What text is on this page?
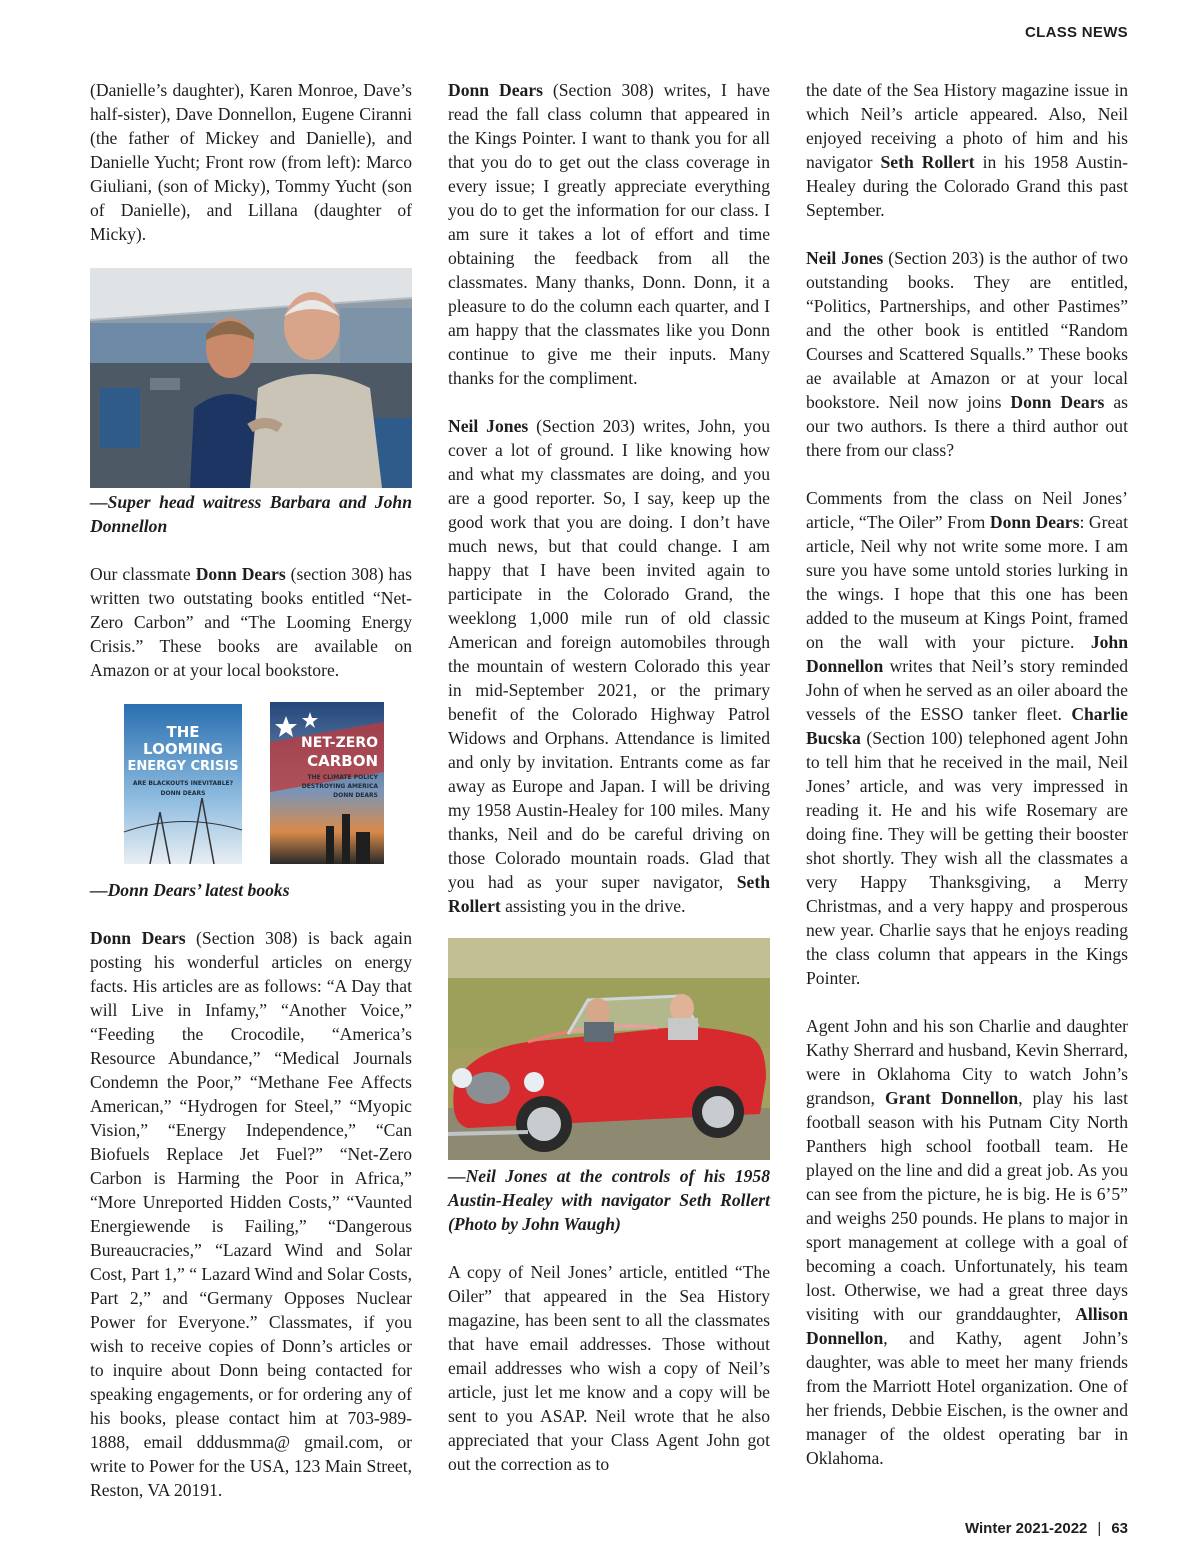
CLASS NEWS

(Danielle’s daughter), Karen Monroe, Dave’s half-sister), Dave Donnellon, Eugene Ciranni (the father of Mickey and Danielle), and Danielle Yucht; Front row (from left): Marco Giuliani, (son of Micky), Tommy Yucht (son of Danielle), and Lillana (daughter of Micky).

—Super head waitress Barbara and John Donnellon

Our classmate Donn Dears (section 308) has written two outstating books entitled “Net-Zero Carbon” and “The Looming Energy Crisis.” These books are available on Amazon or at your local bookstore.

THE
LOOMING
ENERGY CRISIS
ARE BLACKOUTS INEVITABLE?
DONN DEARS
NET-ZERO
CARBON
THE CLIMATE POLICY
DESTROYING AMERICA
DONN DEARS

—Donn Dears’ latest books

Donn Dears (Section 308) is back again posting his wonderful articles on energy facts. His articles are as follows: “A Day that will Live in Infamy,” “Another Voice,” “Feeding the Crocodile, “America’s Resource Abundance,” “Medical Journals Condemn the Poor,” “Methane Fee Affects American,” “Hydrogen for Steel,” “Myopic Vision,” “Energy Independence,” “Can Biofuels Replace Jet Fuel?” “Net-Zero Carbon is Harming the Poor in Africa,” “More Unreported Hidden Costs,” “Vaunted Energiewende is Failing,” “Dangerous Bureaucracies,” “Lazard Wind and Solar Cost, Part 1,” “ Lazard Wind and Solar Costs, Part 2,” and “Germany Opposes Nuclear Power for Everyone.” Classmates, if you wish to receive copies of Donn’s articles or to inquire about Donn being contacted for speaking engagements, or for ordering any of his books, please contact him at 703-989-1888, email dddusmma@ gmail.com, or write to Power for the USA, 123 Main Street, Reston, VA 20191.

Donn Dears (Section 308) writes, I have read the fall class column that appeared in the Kings Pointer. I want to thank you for all that you do to get out the class coverage in every issue; I greatly appreciate everything you do to get the information for our class. I am sure it takes a lot of effort and time obtaining the feedback from all the classmates. Many thanks, Donn. Donn, it a pleasure to do the column each quarter, and I am happy that the classmates like you Donn continue to give me their inputs. Many thanks for the compliment.

Neil Jones (Section 203) writes, John, you cover a lot of ground. I like knowing how and what my classmates are doing, and you are a good reporter. So, I say, keep up the good work that you are doing. I don’t have much news, but that could change. I am happy that I have been invited again to participate in the Colorado Grand, the weeklong 1,000 mile run of old classic American and foreign automobiles through the mountain of western Colorado this year in mid-September 2021, or the primary benefit of the Colorado Highway Patrol Widows and Orphans. Attendance is limited and only by invitation. Entrants come as far away as Europe and Japan. I will be driving my 1958 Austin-Healey for 100 miles. Many thanks, Neil and do be careful driving on those Colorado mountain roads. Glad that you had as your super navigator, Seth Rollert assisting you in the drive.

—Neil Jones at the controls of his 1958 Austin-Healey with navigator Seth Rollert (Photo by John Waugh)

A copy of Neil Jones’ article, entitled “The Oiler” that appeared in the Sea History magazine, has been sent to all the classmates that have email addresses. Those without email addresses who wish a copy of Neil’s article, just let me know and a copy will be sent to you ASAP. Neil wrote that he also appreciated that your Class Agent John got out the correction as to

the date of the Sea History magazine issue in which Neil’s article appeared. Also, Neil enjoyed receiving a photo of him and his navigator Seth Rollert in his 1958 Austin-Healey during the Colorado Grand this past September.

Neil Jones (Section 203) is the author of two outstanding books. They are entitled, “Politics, Partnerships, and other Pastimes” and the other book is entitled “Random Courses and Scattered Squalls.” These books ae available at Amazon or at your local bookstore. Neil now joins Donn Dears as our two authors. Is there a third author out there from our class?

Comments from the class on Neil Jones’ article, “The Oiler” From Donn Dears: Great article, Neil why not write some more. I am sure you have some untold stories lurking in the wings. I hope that this one has been added to the museum at Kings Point, framed on the wall with your picture. John Donnellon writes that Neil’s story reminded John of when he served as an oiler aboard the vessels of the ESSO tanker fleet. Charlie Bucska (Section 100) telephoned agent John to tell him that he received in the mail, Neil Jones’ article, and was very impressed in reading it. He and his wife Rosemary are doing fine. They will be getting their booster shot shortly. They wish all the classmates a very Happy Thanksgiving, a Merry Christmas, and a very happy and prosperous new year. Charlie says that he enjoys reading the class column that appears in the Kings Pointer.

Agent John and his son Charlie and daughter Kathy Sherrard and husband, Kevin Sherrard, were in Oklahoma City to watch John’s grandson, Grant Donnellon, play his last football season with his Putnam City North Panthers high school football team. He played on the line and did a great job. As you can see from the picture, he is big. He is 6’5” and weighs 250 pounds. He plans to major in sport management at college with a goal of becoming a coach. Unfortunately, his team lost. Otherwise, we had a great three days visiting with our granddaughter, Allison Donnellon, and Kathy, agent John’s daughter, was able to meet her many friends from the Marriott Hotel organization. One of her friends, Debbie Eischen, is the owner and manager of the oldest operating bar in Oklahoma.

Winter 2021-2022 | 63
